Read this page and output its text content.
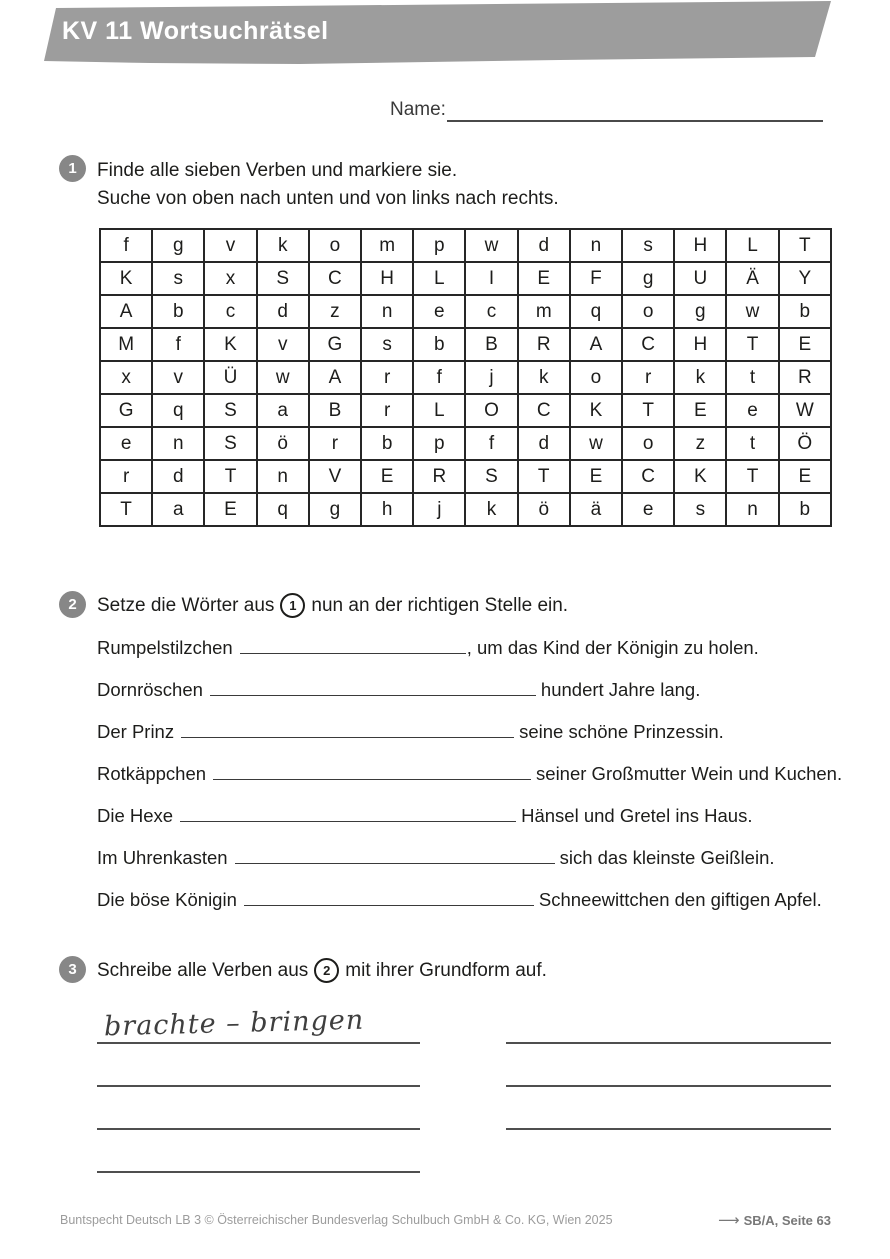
KV 11 Wortsuchrätsel
Name:
1	Finde alle sieben Verben und markiere sie.
Suche von oben nach unten und von links nach rechts.
f	g	v	k	o	m	p	w	d	n	s	H	L	T
K	s	x	S	C	H	L	I	E	F	g	U	Ä	Y
A	b	c	d	z	n	e	c	m	q	o	g	w	b
M	f	K	v	G	s	b	B	R	A	C	H	T	E
x	v	Ü	w	A	r	f	j	k	o	r	k	t	R
G	q	S	a	B	r	L	O	C	K	T	E	e	W
e	n	S	ö	r	b	p	f	d	w	o	z	t	Ö
r	d	T	n	V	E	R	S	T	E	C	K	T	E
T	a	E	q	g	h	j	k	ö	ä	e	s	n	b
2	Setze die Wörter aus	1 nun an der richtigen Stelle ein.
Rumpelstilzchen	, um das Kind der Königin zu holen.
Dornröschen	hundert Jahre lang.
Der Prinz	seine schöne Prinzessin.
Rotkäppchen	seiner Großmutter Wein und Kuchen.
Die Hexe	Hänsel und Gretel ins Haus.
Im Uhrenkasten	sich das kleinste Geißlein.
Die böse Königin	Schneewittchen den giftigen Apfel.
3	Schreibe alle Verben aus	2 mit ihrer Grundform auf.
brachte – bringen
Buntspecht Deutsch LB 3 © Österreichischer Bundesverlag Schulbuch GmbH & Co. KG, Wien 2025	⟶ SB/A, Seite 63
